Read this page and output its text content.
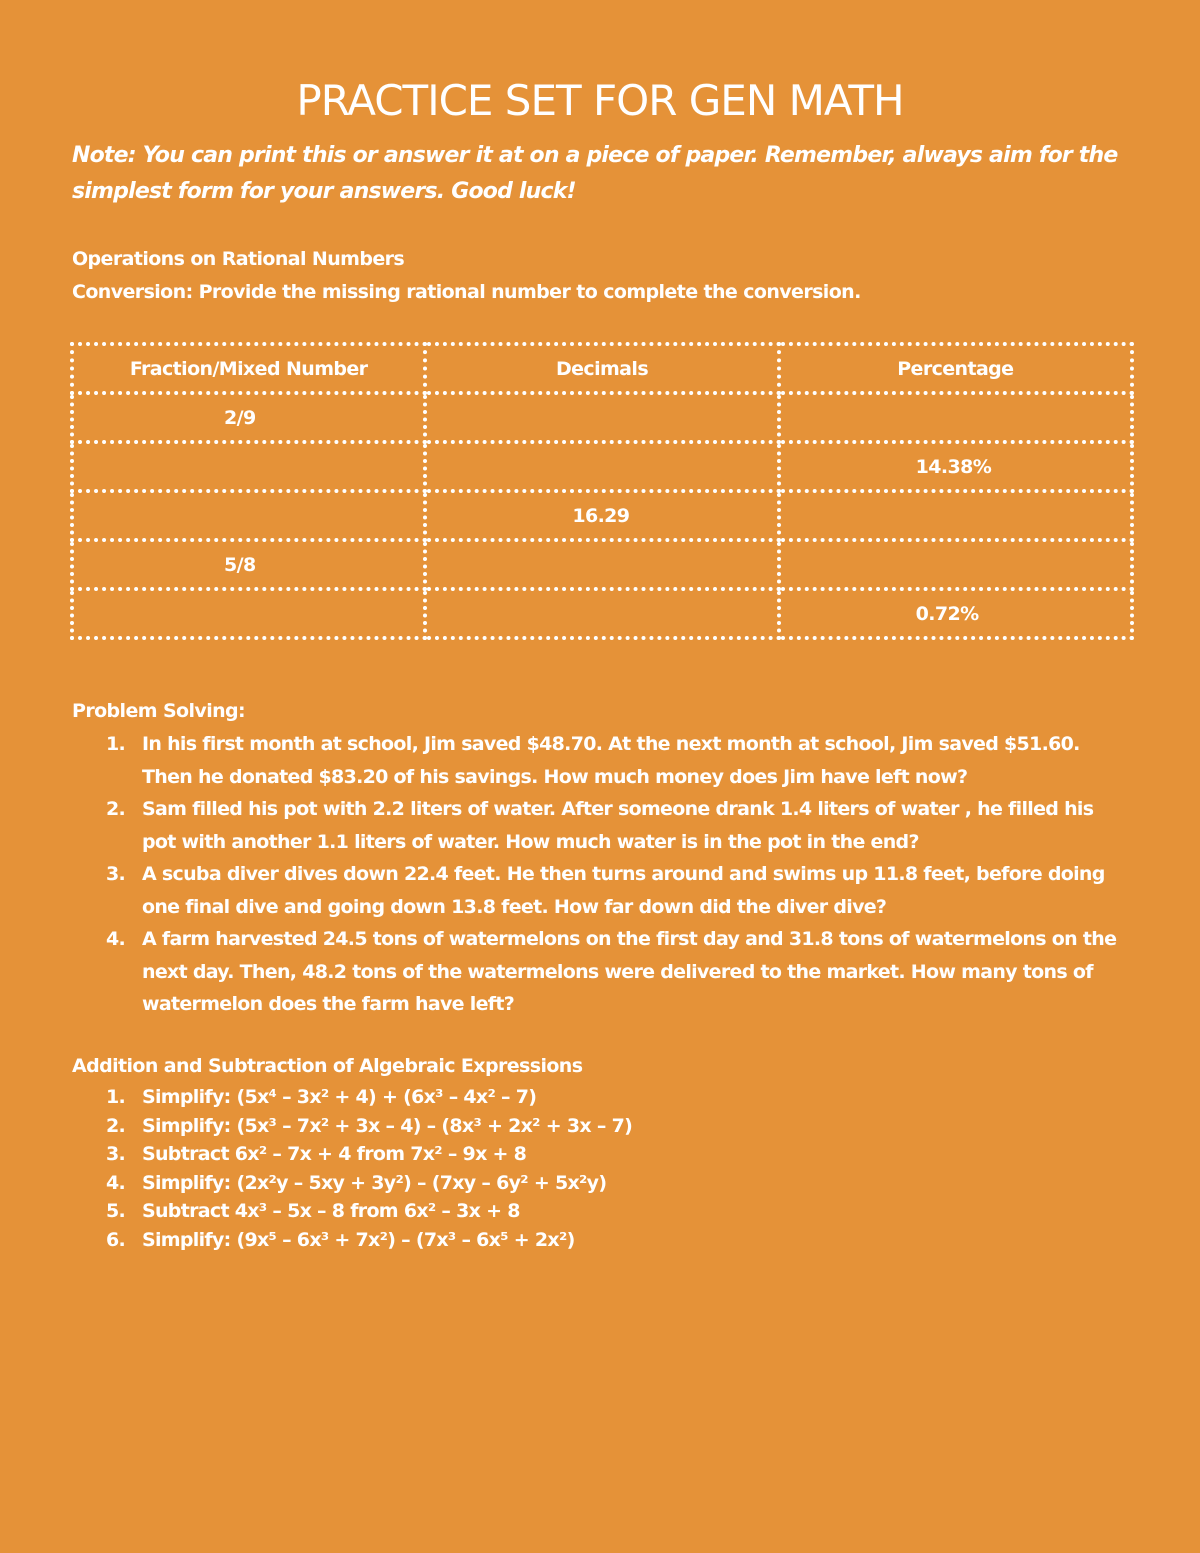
PRACTICE SET FOR GEN MATH
Note: You can print this or answer it at on a piece of paper. Remember, always aim for the simplest form for your answers. Good luck!
Operations on Rational Numbers
Conversion: Provide the missing rational number to complete the conversion.
Fraction/Mixed Number	Decimals	Percentage
2/9		
		14.38%
	16.29	
5/8		
		0.72%
Problem Solving:
1. In his first month at school, Jim saved $48.70. At the next month at school, Jim saved $51.60. Then he donated $83.20 of his savings. How much money does Jim have left now?
2. Sam filled his pot with 2.2 liters of water. After someone drank 1.4 liters of water , he filled his pot with another 1.1 liters of water. How much water is in the pot in the end?
3. A scuba diver dives down 22.4 feet. He then turns around and swims up 11.8 feet, before doing one final dive and going down 13.8 feet. How far down did the diver dive?
4. A farm harvested 24.5 tons of watermelons on the first day and 31.8 tons of watermelons on the next day. Then, 48.2 tons of the watermelons were delivered to the market. How many tons of watermelon does the farm have left?
Addition and Subtraction of Algebraic Expressions
1. Simplify: (5x⁴ – 3x² + 4) + (6x³ – 4x² – 7)
2. Simplify: (5x³ – 7x² + 3x – 4) – (8x³ + 2x² + 3x – 7)
3. Subtract 6x² – 7x + 4 from 7x² – 9x + 8
4. Simplify: (2x²y – 5xy + 3y²) – (7xy – 6y² + 5x²y)
5. Subtract 4x³ – 5x – 8 from 6x² – 3x + 8
6. Simplify: (9x⁵ – 6x³ + 7x²) – (7x³ – 6x⁵ + 2x²)
